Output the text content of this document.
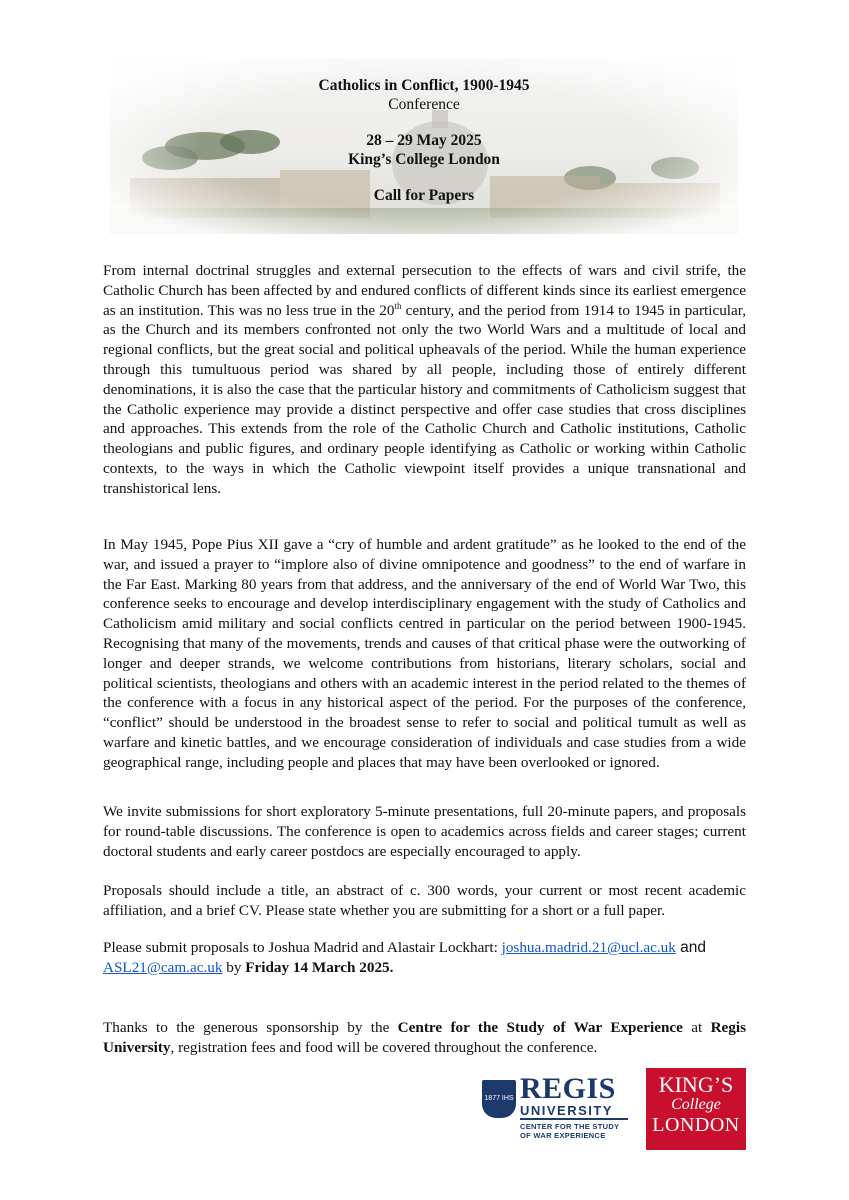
Catholics in Conflict, 1900-1945
Conference
28 – 29 May 2025
King’s College London
Call for Papers

From internal doctrinal struggles and external persecution to the effects of wars and civil strife, the Catholic Church has been affected by and endured conflicts of different kinds since its earliest emergence as an institution. This was no less true in the 20th century, and the period from 1914 to 1945 in particular, as the Church and its members confronted not only the two World Wars and a multitude of local and regional conflicts, but the great social and political upheavals of the period. While the human experience through this tumultuous period was shared by all people, including those of entirely different denominations, it is also the case that the particular history and commitments of Catholicism suggest that the Catholic experience may provide a distinct perspective and offer case studies that cross disciplines and approaches. This extends from the role of the Catholic Church and Catholic institutions, Catholic theologians and public figures, and ordinary people identifying as Catholic or working within Catholic contexts, to the ways in which the Catholic viewpoint itself provides a unique transnational and transhistorical lens.

In May 1945, Pope Pius XII gave a “cry of humble and ardent gratitude” as he looked to the end of the war, and issued a prayer to “implore also of divine omnipotence and goodness” to the end of warfare in the Far East. Marking 80 years from that address, and the anniversary of the end of World War Two, this conference seeks to encourage and develop interdisciplinary engagement with the study of Catholics and Catholicism amid military and social conflicts centred in particular on the period between 1900-1945. Recognising that many of the movements, trends and causes of that critical phase were the outworking of longer and deeper strands, we welcome contributions from historians, literary scholars, social and political scientists, theologians and others with an academic interest in the period related to the themes of the conference with a focus in any historical aspect of the period. For the purposes of the conference, “conflict” should be understood in the broadest sense to refer to social and political tumult as well as warfare and kinetic battles, and we encourage consideration of individuals and case studies from a wide geographical range, including people and places that may have been overlooked or ignored.

We invite submissions for short exploratory 5-minute presentations, full 20-minute papers, and proposals for round-table discussions. The conference is open to academics across fields and career stages; current doctoral students and early career postdocs are especially encouraged to apply.

Proposals should include a title, an abstract of c. 300 words, your current or most recent academic affiliation, and a brief CV. Please state whether you are submitting for a short or a full paper.

Please submit proposals to Joshua Madrid and Alastair Lockhart: joshua.madrid.21@ucl.ac.uk and
ASL21@cam.ac.uk by Friday 14 March 2025.

Thanks to the generous sponsorship by the Centre for the Study of War Experience at Regis University, registration fees and food will be covered throughout the conference.

1877 IHS REGIS
UNIVERSITY
CENTER FOR THE STUDY OF WAR EXPERIENCE
KING’S
College
LONDON
